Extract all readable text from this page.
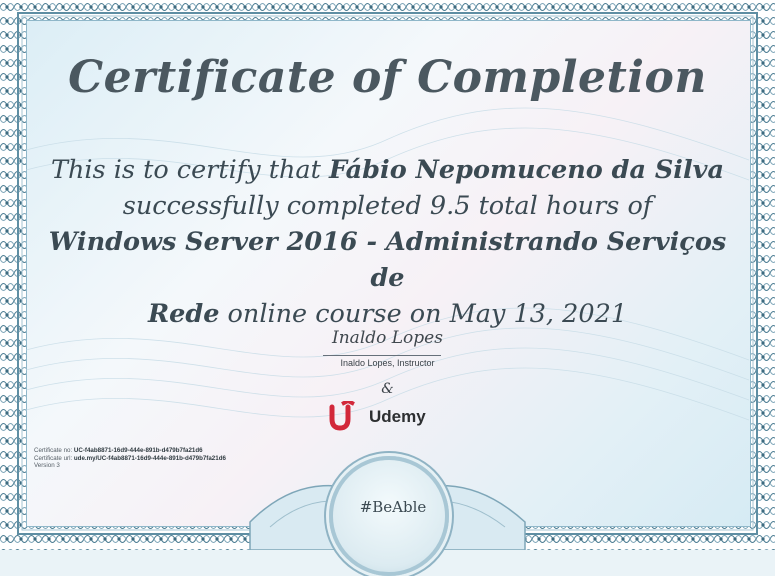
Certificate of Completion
This is to certify that Fábio Nepomuceno da Silva
successfully completed 9.5 total hours of
Windows Server 2016 - Administrando Serviços de
Rede online course on May 13, 2021
Inaldo Lopes
Inaldo Lopes, Instructor
&
Udemy
Certificate no: UC-f4ab8871-16d9-444e-891b-d479b7fa21d6
Certificate url: ude.my/UC-f4ab8871-16d9-444e-891b-d479b7fa21d6
Version 3
#BeAble
